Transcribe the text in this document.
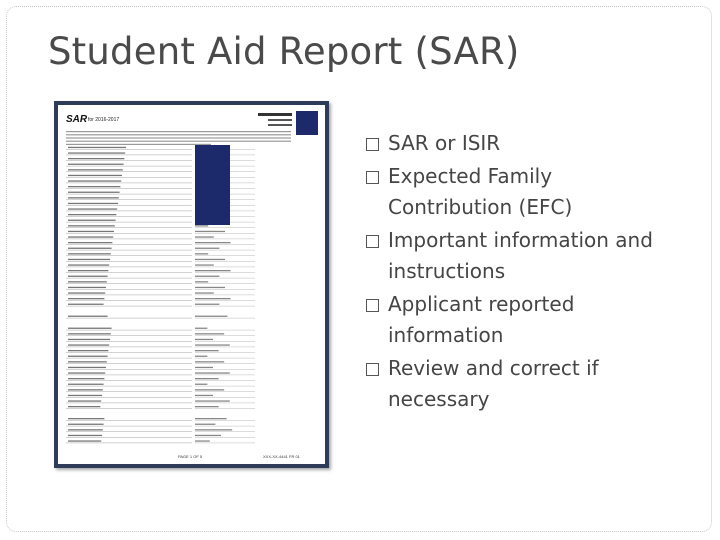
Student Aid Report (SAR)
SAR for 2016-2017
PAGE 1 OF 5	XXX-XX-4441 FR 01
SAR or ISIR
Expected Family Contribution (EFC)
Important information and instructions
Applicant reported information
Review and correct if necessary
